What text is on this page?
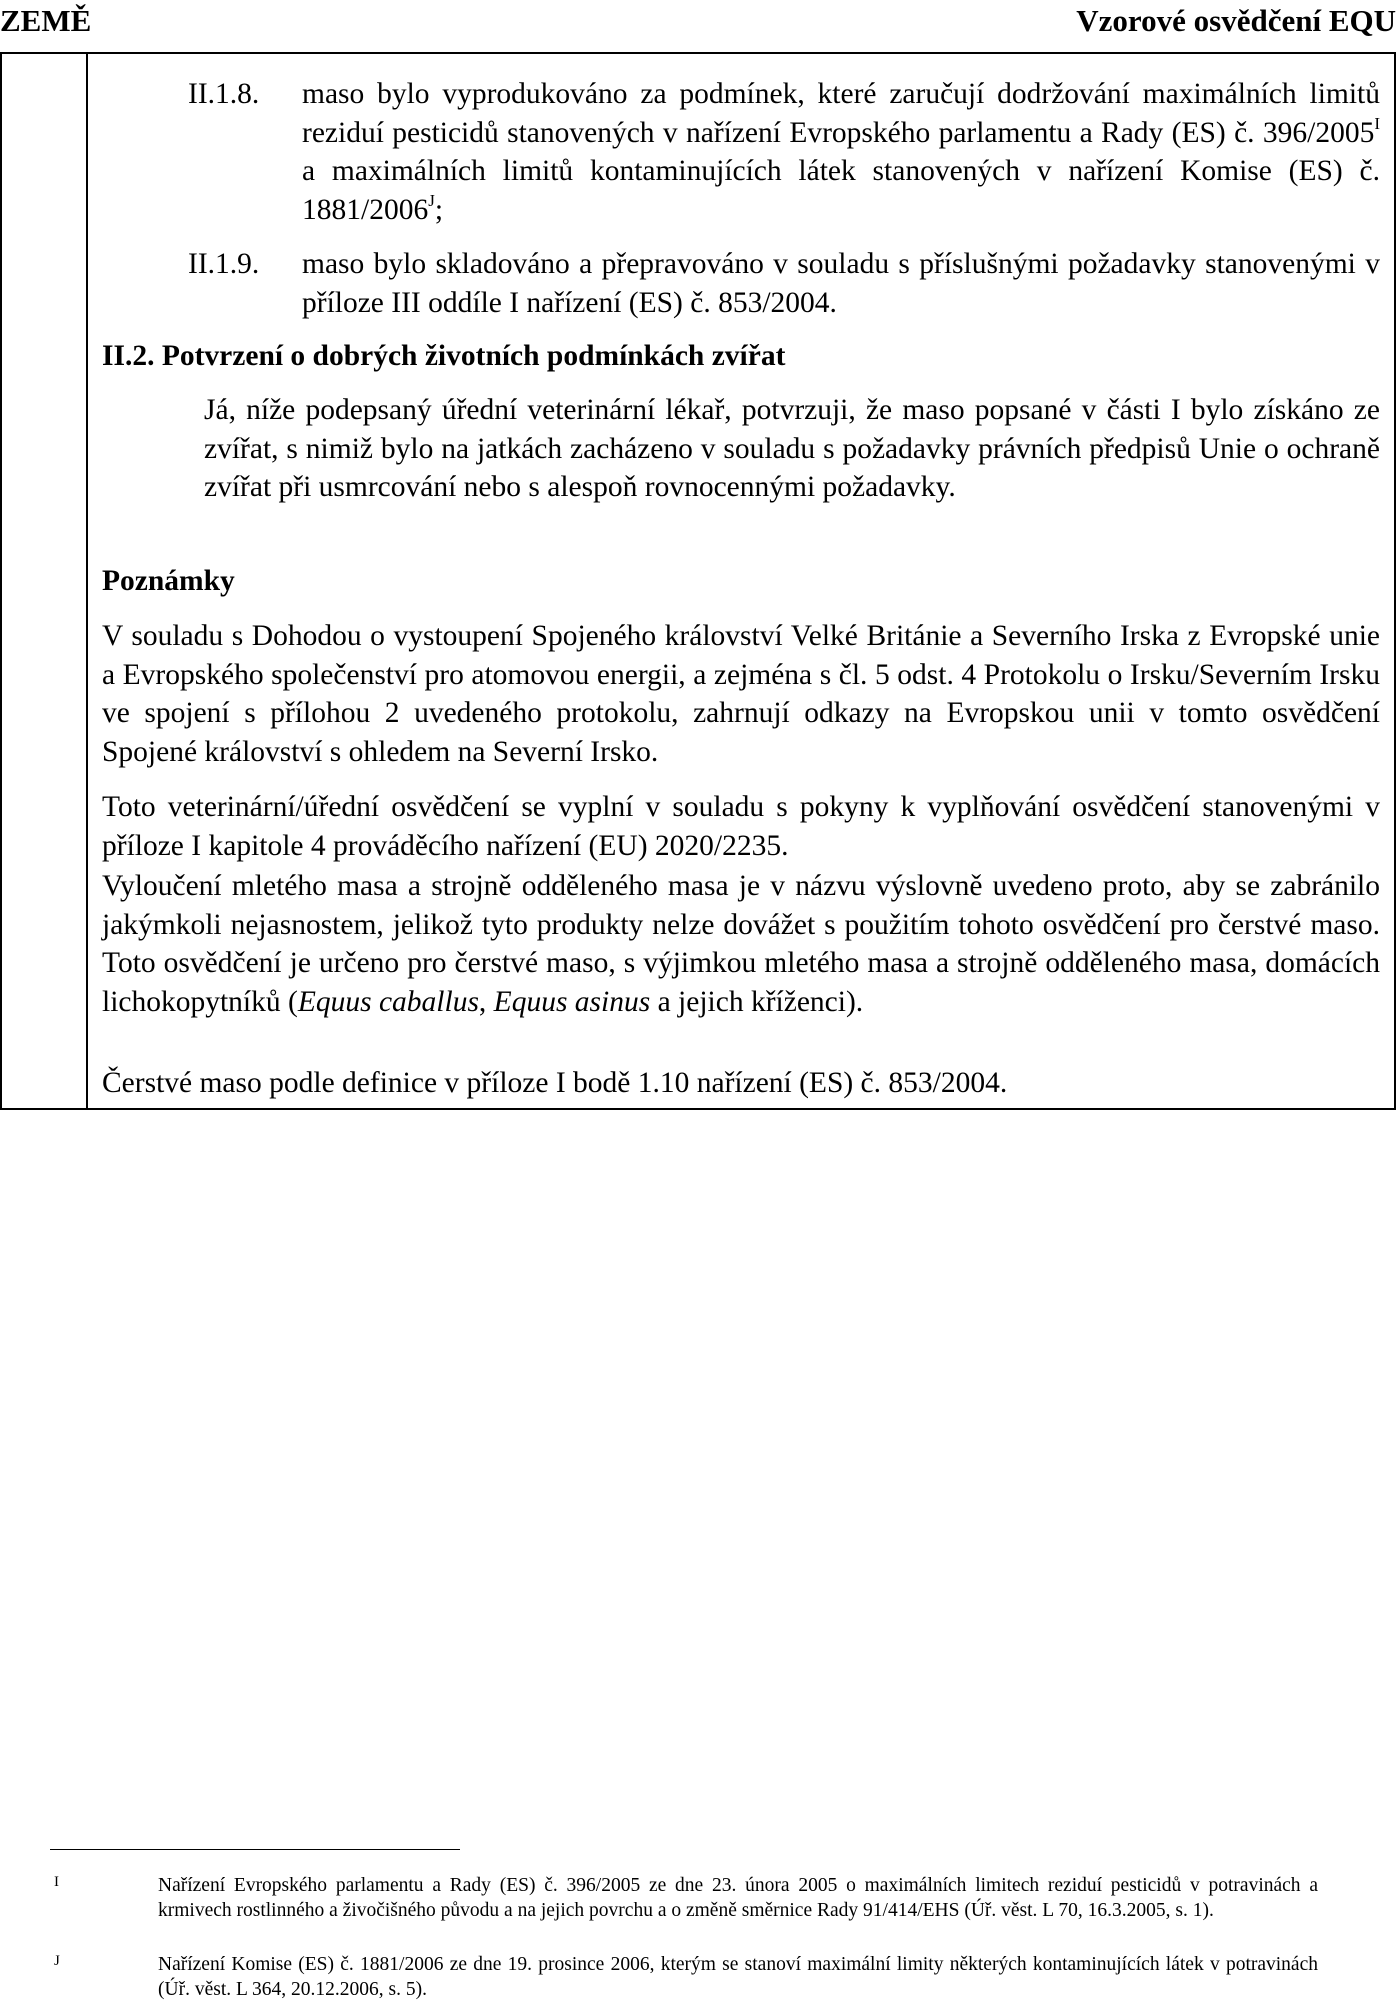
ZEMĚ	Vzorové osvědčení EQU
II.1.8. maso bylo vyprodukováno za podmínek, které zaručují dodržování maximálních limitů reziduí pesticidů stanovených v nařízení Evropského parlamentu a Rady (ES) č. $396/2005^I$ a maximálních limitů kontaminujících látek stanovených v nařízení Komise (ES) č. $1881/2006^J$;
II.1.9. maso bylo skladováno a přepravováno v souladu s příslušnými požadavky stanovenými v příloze III oddíle I nařízení (ES) č. 853/2004.
II.2. Potvrzení o dobrých životních podmínkách zvířat
Já, níže podepsaný úřední veterinární lékař, potvrzuji, že maso popsané v části I bylo získáno ze zvířat, s nimiž bylo na jatkách zacházeno v souladu s požadavky právních předpisů Unie o ochraně zvířat při usmrcování nebo s alespoň rovnocennými požadavky.
Poznámky
V souladu s Dohodou o vystoupení Spojeného království Velké Británie a Severního Irska z Evropské unie a Evropského společenství pro atomovou energii, a zejména s čl. 5 odst. 4 Protokolu o Irsku/Severním Irsku ve spojení s přílohou 2 uvedeného protokolu, zahrnují odkazy na Evropskou unii v tomto osvědčení Spojené království s ohledem na Severní Irsko.
Toto veterinární/úřední osvědčení se vyplní v souladu s pokyny k vyplňování osvědčení stanovenými v příloze I kapitole 4 prováděcího nařízení (EU) 2020/2235.
Vyloučení mletého masa a strojně odděleného masa je v názvu výslovně uvedeno proto, aby se zabránilo jakýmkoli nejasnostem, jelikož tyto produkty nelze dovážet s použitím tohoto osvědčení pro čerstvé maso. Toto osvědčení je určeno pro čerstvé maso, s výjimkou mletého masa a strojně odděleného masa, domácích lichokopytníků (Equus caballus, Equus asinus a jejich kříženci).
Čerstvé maso podle definice v příloze I bodě 1.10 nařízení (ES) č. 853/2004.
I	Nařízení Evropského parlamentu a Rady (ES) č. 396/2005 ze dne 23. února 2005 o maximálních limitech reziduí pesticidů v potravinách a krmivech rostlinného a živočišného původu a na jejich povrchu a o změně směrnice Rady 91/414/EHS (Úř. věst. L 70, 16.3.2005, s. 1).
J	Nařízení Komise (ES) č. 1881/2006 ze dne 19. prosince 2006, kterým se stanoví maximální limity některých kontaminujících látek v potravinách (Úř. věst. L 364, 20.12.2006, s. 5).
